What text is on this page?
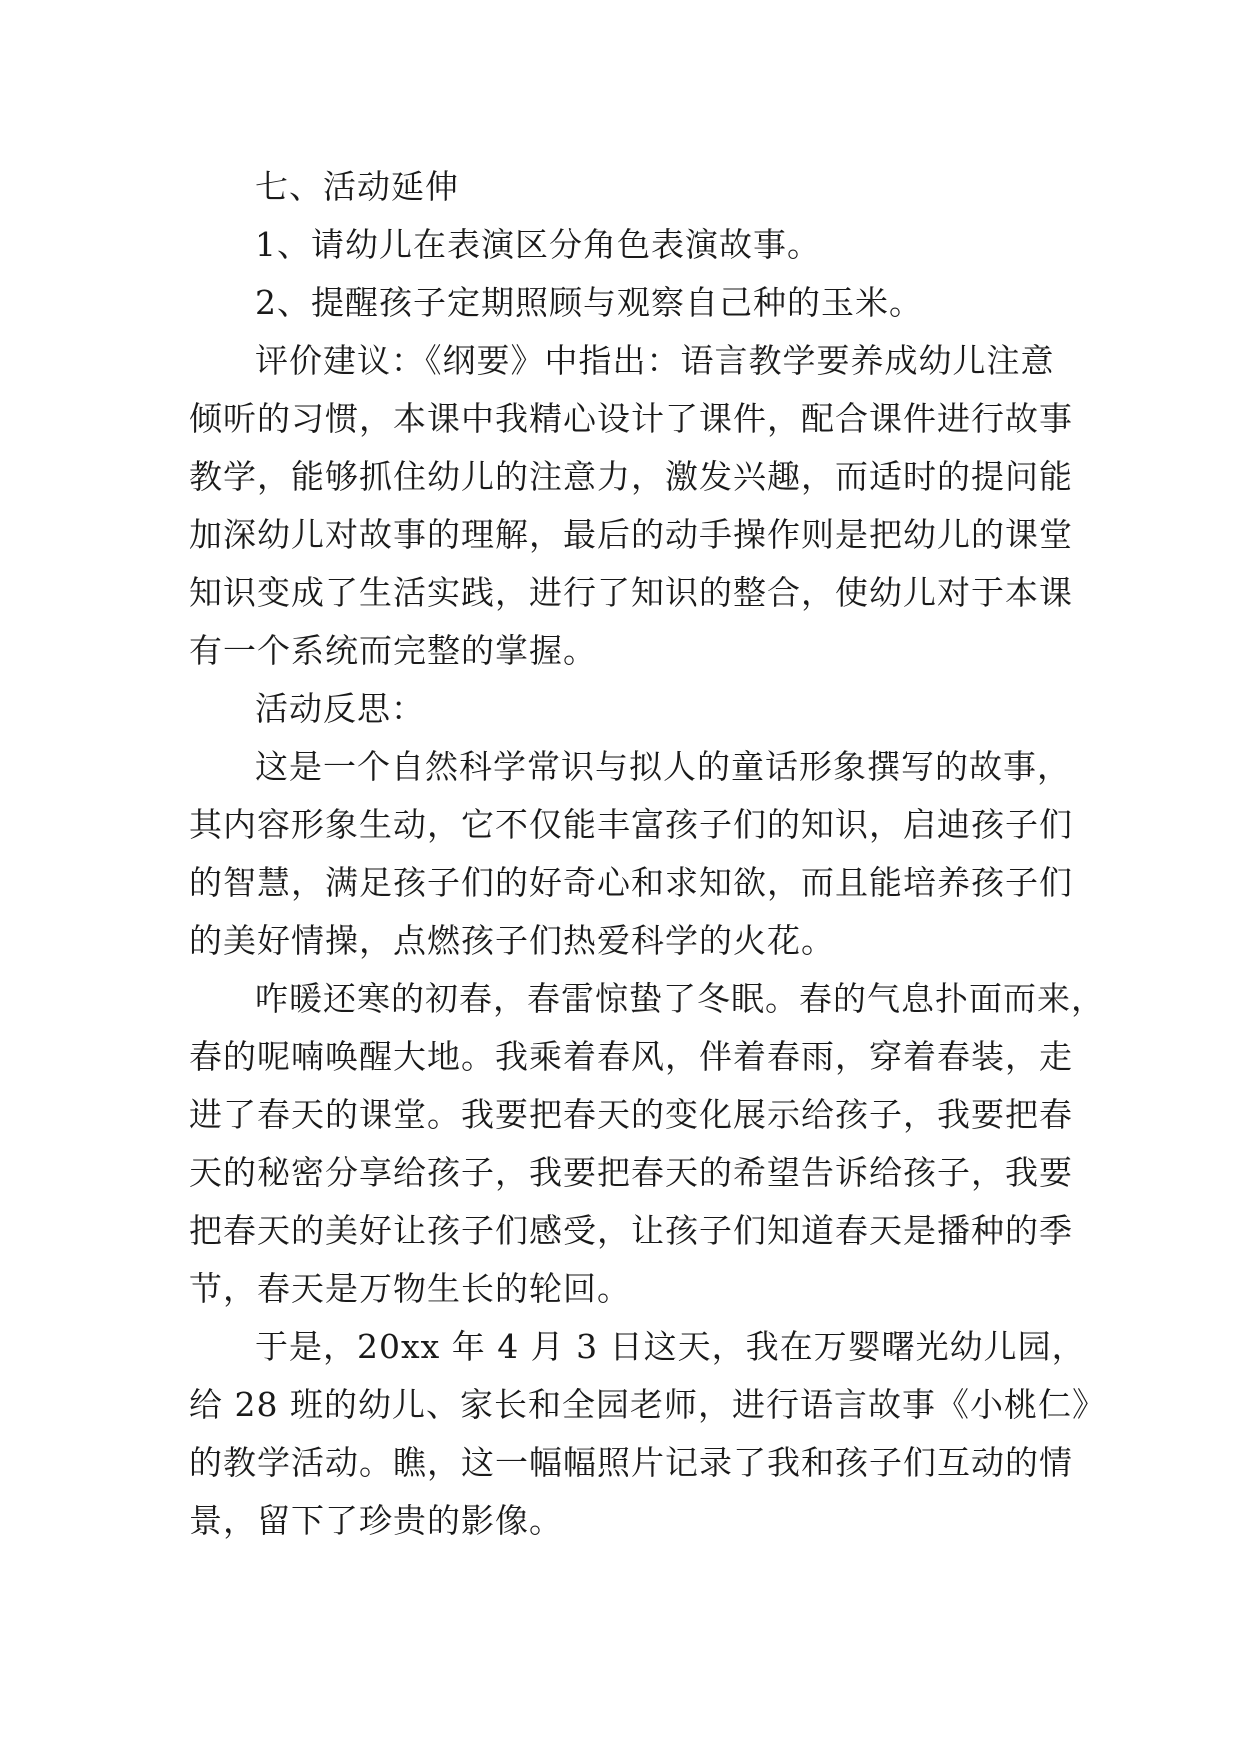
七、活动延伸
1、请幼儿在表演区分角色表演故事。
2、提醒孩子定期照顾与观察自己种的玉米。
评价建议：《纲要》中指出：语言教学要养成幼儿注意
倾听的习惯，本课中我精心设计了课件，配合课件进行故事
教学，能够抓住幼儿的注意力，激发兴趣，而适时的提问能
加深幼儿对故事的理解，最后的动手操作则是把幼儿的课堂
知识变成了生活实践，进行了知识的整合，使幼儿对于本课
有一个系统而完整的掌握。
活动反思：
这是一个自然科学常识与拟人的童话形象撰写的故事，
其内容形象生动，它不仅能丰富孩子们的知识，启迪孩子们
的智慧，满足孩子们的好奇心和求知欲，而且能培养孩子们
的美好情操，点燃孩子们热爱科学的火花。
咋暖还寒的初春，春雷惊蛰了冬眠。春的气息扑面而来，
春的呢喃唤醒大地。我乘着春风，伴着春雨，穿着春装，走
进了春天的课堂。我要把春天的变化展示给孩子，我要把春
天的秘密分享给孩子，我要把春天的希望告诉给孩子，我要
把春天的美好让孩子们感受，让孩子们知道春天是播种的季
节，春天是万物生长的轮回。
于是，20xx 年 4 月 3 日这天，我在万婴曙光幼儿园，
给 28 班的幼儿、家长和全园老师，进行语言故事《小桃仁》
的教学活动。瞧，这一幅幅照片记录了我和孩子们互动的情
景，留下了珍贵的影像。
